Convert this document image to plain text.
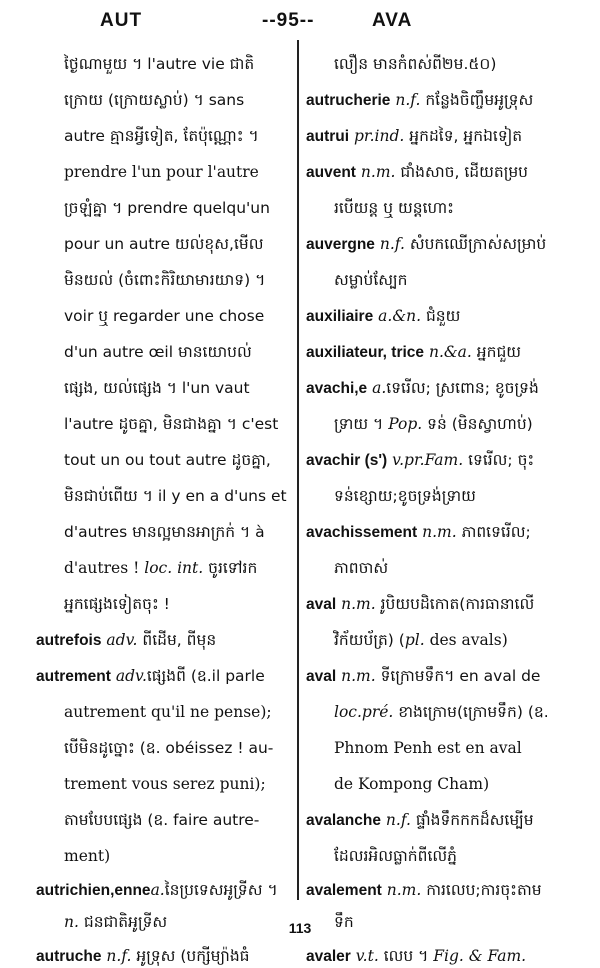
AUT	--95--	AVA
ថ្ងៃណាមួយ ។ l'autre vie ជាតិ
ក្រោយ (ក្រោយស្លាប់) ។ sans
autre គ្មានអ្វីទៀត, តែប៉ុណ្ណោះ ។
prendre l'un pour l'autre
ច្រឡំគ្នា ។ prendre quelqu'un
pour un autre យល់ខុស,មើល
មិនយល់ (ចំពោះកិរិយាមារយាទ) ។
voir ឬ regarder une chose
d'un autre œil មានយោបល់
ផ្សេង, យល់ផ្សេង ។ l'un vaut
l'autre ដូចគ្នា, មិនជាងគ្នា ។ c'est
tout un ou tout autre ដូចគ្នា,
មិនជាប់ពើយ ។ il y en a d'uns et
d'autres មានល្អមានអាក្រក់ ។ à
d'autres ! loc. int. ចូរទៅរក
អ្នកផ្សេងទៀតចុះ !
autrefois adv. ពីដើម, ពីមុន
autrement adv.ផ្សេងពី (ឧ.il parle
autrement qu'il ne pense);
បើមិនដូច្នោះ (ឧ. obéissez ! au-
trement vous serez puni);
តាមបែបផ្សេង (ឧ. faire autre-
ment)
autrichien,ennea.នៃប្រទេសអូទ្រីស ។
n. ជនជាតិអូទ្រីស
autruche n.f. អូទ្រុស (បក្សីម្យ៉ាងធំ
លឿន មានកំពស់ពី២ម.៥០)
autrucherie n.f. កន្លែងចិញ្ចឹមអូទ្រុស
autrui pr.ind. អ្នកដទៃ, អ្នកឯទៀត
auvent n.m. ជាំងសាច, ដើយតម្រប
របើយន្ត ឬ យន្តហោះ
auvergne n.f. សំបកឈើក្រាស់សម្រាប់
សម្លាប់ស្បែក
auxiliaire a.&n. ជំនួយ
auxiliateur, trice n.&a. អ្នកជួយ
avachi,e a.ទេរើល; ស្រពោន; ខូចទ្រង់
ទ្រាយ ។ Pop. ទន់ (មិនស្វាហាប់)
avachir (s') v.pr.Fam. ទេរើល; ចុះ
ទន់ខ្សោយ;ខូចទ្រង់ទ្រាយ
avachissement n.m. ភាពទេរើល;
ភាពចាស់
aval n.m. រូបិយបដិកោត(ការធានាលើ
វិក័យប័ត្រ) (pl. des avals)
aval n.m. ទីក្រោមទឹក។ en aval de
loc.pré. ខាងក្រោម(ក្រោមទឹក) (ឧ.
Phnom Penh est en aval
de Kompong Cham)
avalanche n.f. ផ្ទាំងទឹកកកដ៏សម្បើម
ដែលរអិលធ្លាក់ពីលើភ្នំ
avalement n.m. ការលេប;ការចុះតាម
ទឹក
avaler v.t. លេប ។ Fig. & Fam.
113
